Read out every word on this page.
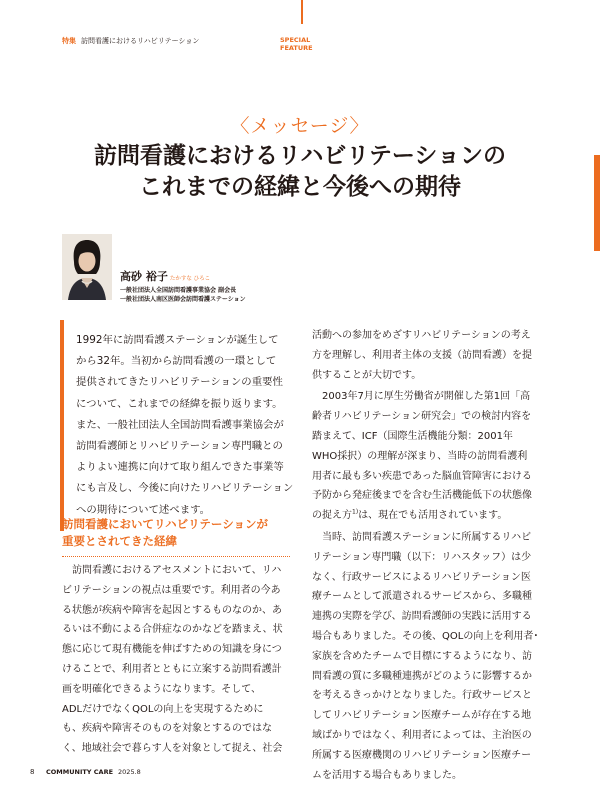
特集 訪問看護におけるリハビリテーション	SPECIAL
FEATURE
〈メッセージ〉
訪問看護におけるリハビリテーションの
これまでの経緯と今後への期待
高砂 裕子 たかすな ひろこ
一般社団法人全国訪問看護事業協会 副会長
一般社団法人南区医師会訪問看護ステーション
1992年に訪問看護ステーションが誕生して
から32年。当初から訪問看護の一環として
提供されてきたリハビリテーションの重要性
について、これまでの経緯を振り返ります。
また、一般社団法人全国訪問看護事業協会が
訪問看護師とリハビリテーション専門職との
よりよい連携に向けて取り組んできた事業等
にも言及し、今後に向けたリハビリテーション
への期待について述べます。
訪問看護においてリハビリテーションが
重要とされてきた経緯
訪問看護におけるアセスメントにおいて、リハ
ビリテーションの視点は重要です。利用者の今あ
る状態が疾病や障害を起因とするものなのか、あ
るいは不動による合併症なのかなどを踏まえ、状
態に応じて現有機能を伸ばすための知識を身につ
けることで、利用者とともに立案する訪問看護計
画を明確化できるようになります。そして、
ADLだけでなくQOLの向上を実現するために
も、疾病や障害そのものを対象とするのではな
く、地域社会で暮らす人を対象として捉え、社会
活動への参加をめざすリハビリテーションの考え
方を理解し、利用者主体の支援（訪問看護）を提
供することが大切です。
2003年7月に厚生労働省が開催した第1回「高
齢者リハビリテーション研究会」での検討内容を
踏まえて、ICF（国際生活機能分類：2001年
WHO採択）の理解が深まり、当時の訪問看護利
用者に最も多い疾患であった脳血管障害における
予防から発症後までを含む生活機能低下の状態像
の捉え方$^{1)}$は、現在でも活用されています。
当時、訪問看護ステーションに所属するリハビ
リテーション専門職（以下：リハスタッフ）は少
なく、行政サービスによるリハビリテーション医
療チームとして派遣されるサービスから、多職種
連携の実際を学び、訪問看護師の実践に活用する
場合もありました。その後、QOLの向上を利用者･
家族を含めたチームで目標にするようになり、訪
問看護の質に多職種連携がどのように影響するか
を考えるきっかけとなりました。行政サービスと
してリハビリテーション医療チームが存在する地
域ばかりではなく、利用者によっては、主治医の
所属する医療機関のリハビリテーション医療チー
ムを活用する場合もありました。
8 COMMUNITY CARE 2025.8
